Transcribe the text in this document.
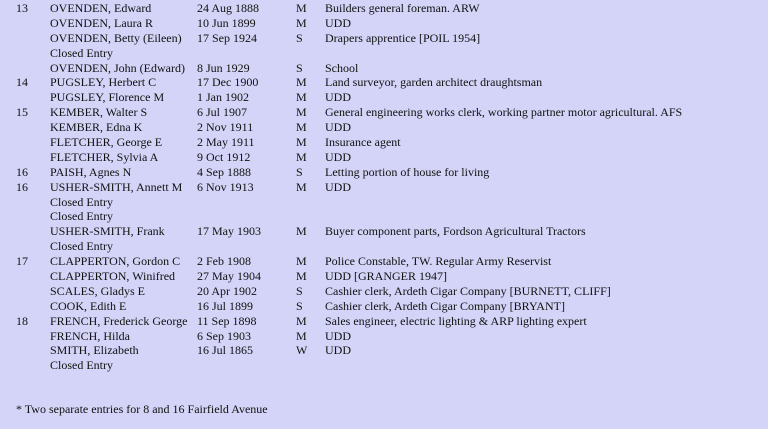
13 OVENDEN, Edward	24 Aug 1888	M Builders general foreman. ARW
OVENDEN, Laura R	10 Jun 1899	M UDD
OVENDEN, Betty (Eileen) 17 Sep 1924	S Drapers apprentice [POIL 1954]
Closed Entry
OVENDEN, John (Edward) 8 Jun 1929	S School
14 PUGSLEY, Herbert C	17 Dec 1900	M Land surveyor, garden architect draughtsman
PUGSLEY, Florence M	1 Jan 1902	M UDD
15 KEMBER, Walter S	6 Jul 1907	M General engineering works clerk, working partner motor agricultural. AFS
KEMBER, Edna K	2 Nov 1911	M UDD
FLETCHER, George E	2 May 1911	M Insurance agent
FLETCHER, Sylvia A	9 Oct 1912	M UDD
16 PAISH, Agnes N	4 Sep 1888	S Letting portion of house for living
16 USHER-SMITH, Annett M 6 Nov 1913	M UDD
Closed Entry
Closed Entry
USHER-SMITH, Frank	17 May 1903	M Buyer component parts, Fordson Agricultural Tractors
Closed Entry
17 CLAPPERTON, Gordon C 2 Feb 1908	M Police Constable, TW. Regular Army Reservist
CLAPPERTON, Winifred 27 May 1904	M UDD [GRANGER 1947]
SCALES, Gladys E	20 Apr 1902	S Cashier clerk, Ardeth Cigar Company [BURNETT, CLIFF]
COOK, Edith E	16 Jul 1899	S Cashier clerk, Ardeth Cigar Company [BRYANT]
18 FRENCH, Frederick George 11 Sep 1898	M Sales engineer, electric lighting & ARP lighting expert
FRENCH, Hilda	6 Sep 1903	M UDD
SMITH, Elizabeth	16 Jul 1865	W UDD
Closed Entry
* Two separate entries for 8 and 16 Fairfield Avenue
